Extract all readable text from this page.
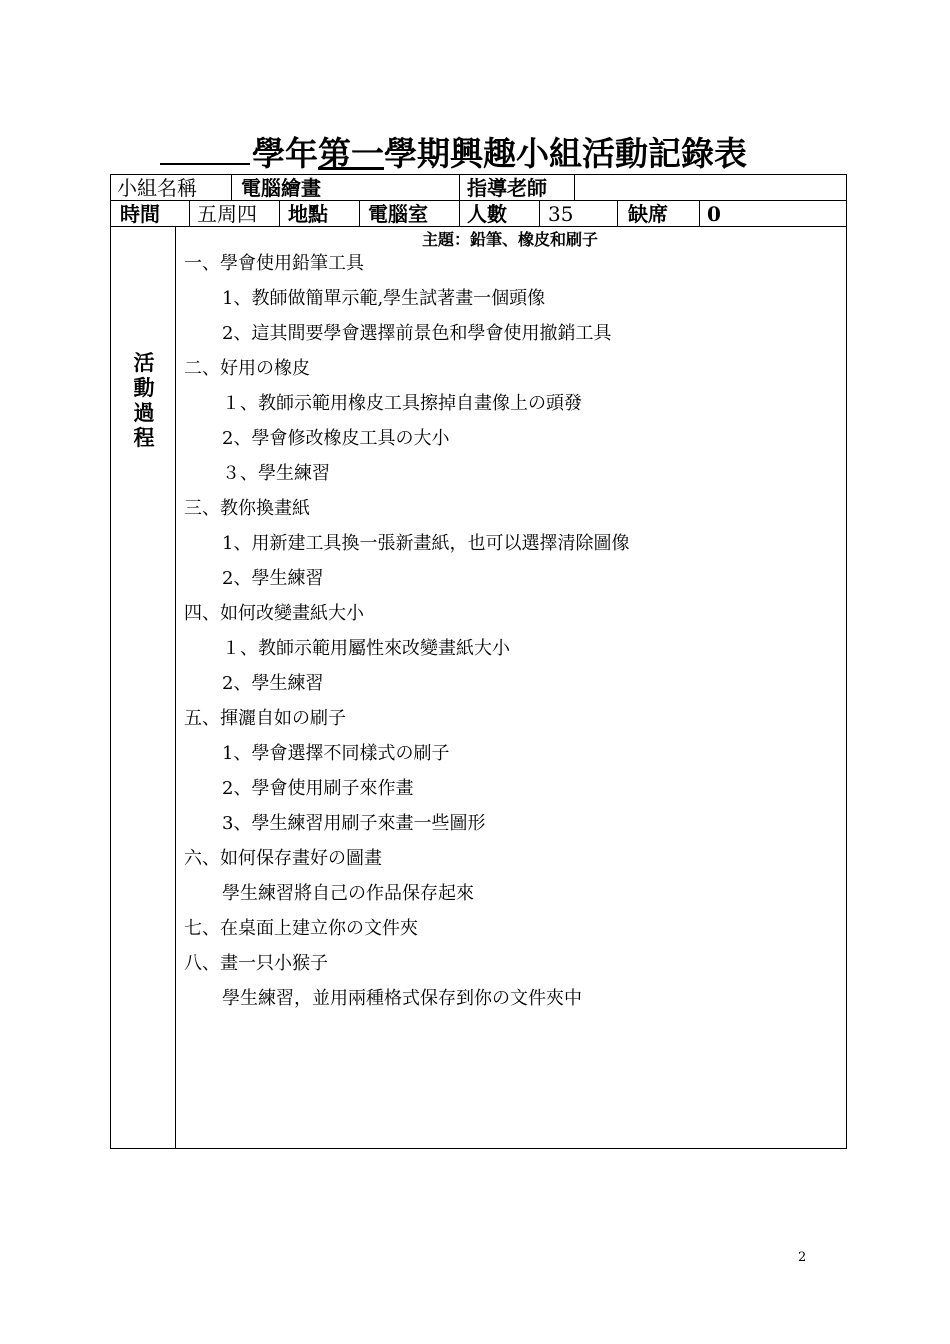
學年第一學期興趣小組活動記錄表
小組名稱 電腦繪畫	指導老師
時間 五周四 地點 電腦室 人數 35	缺席 0
活
動
過
程
主題：鉛筆、橡皮和刷子
一、學會使用鉛筆工具
1、教師做簡單示範,學生試著畫一個頭像
2、這其間要學會選擇前景色和學會使用撤銷工具
二、好用の橡皮
１、教師示範用橡皮工具擦掉自畫像上の頭發
2、學會修改橡皮工具の大小
３、學生練習
三、教你換畫紙
1、用新建工具換一張新畫紙，也可以選擇清除圖像
2、學生練習
四、如何改變畫紙大小
１、教師示範用屬性來改變畫紙大小
2、學生練習
五、揮灑自如の刷子
1、學會選擇不同樣式の刷子
2、學會使用刷子來作畫
3、學生練習用刷子來畫一些圖形
六、如何保存畫好の圖畫
學生練習將自己の作品保存起來
七、在桌面上建立你の文件夾
八、畫一只小猴子
學生練習，並用兩種格式保存到你の文件夾中
2
